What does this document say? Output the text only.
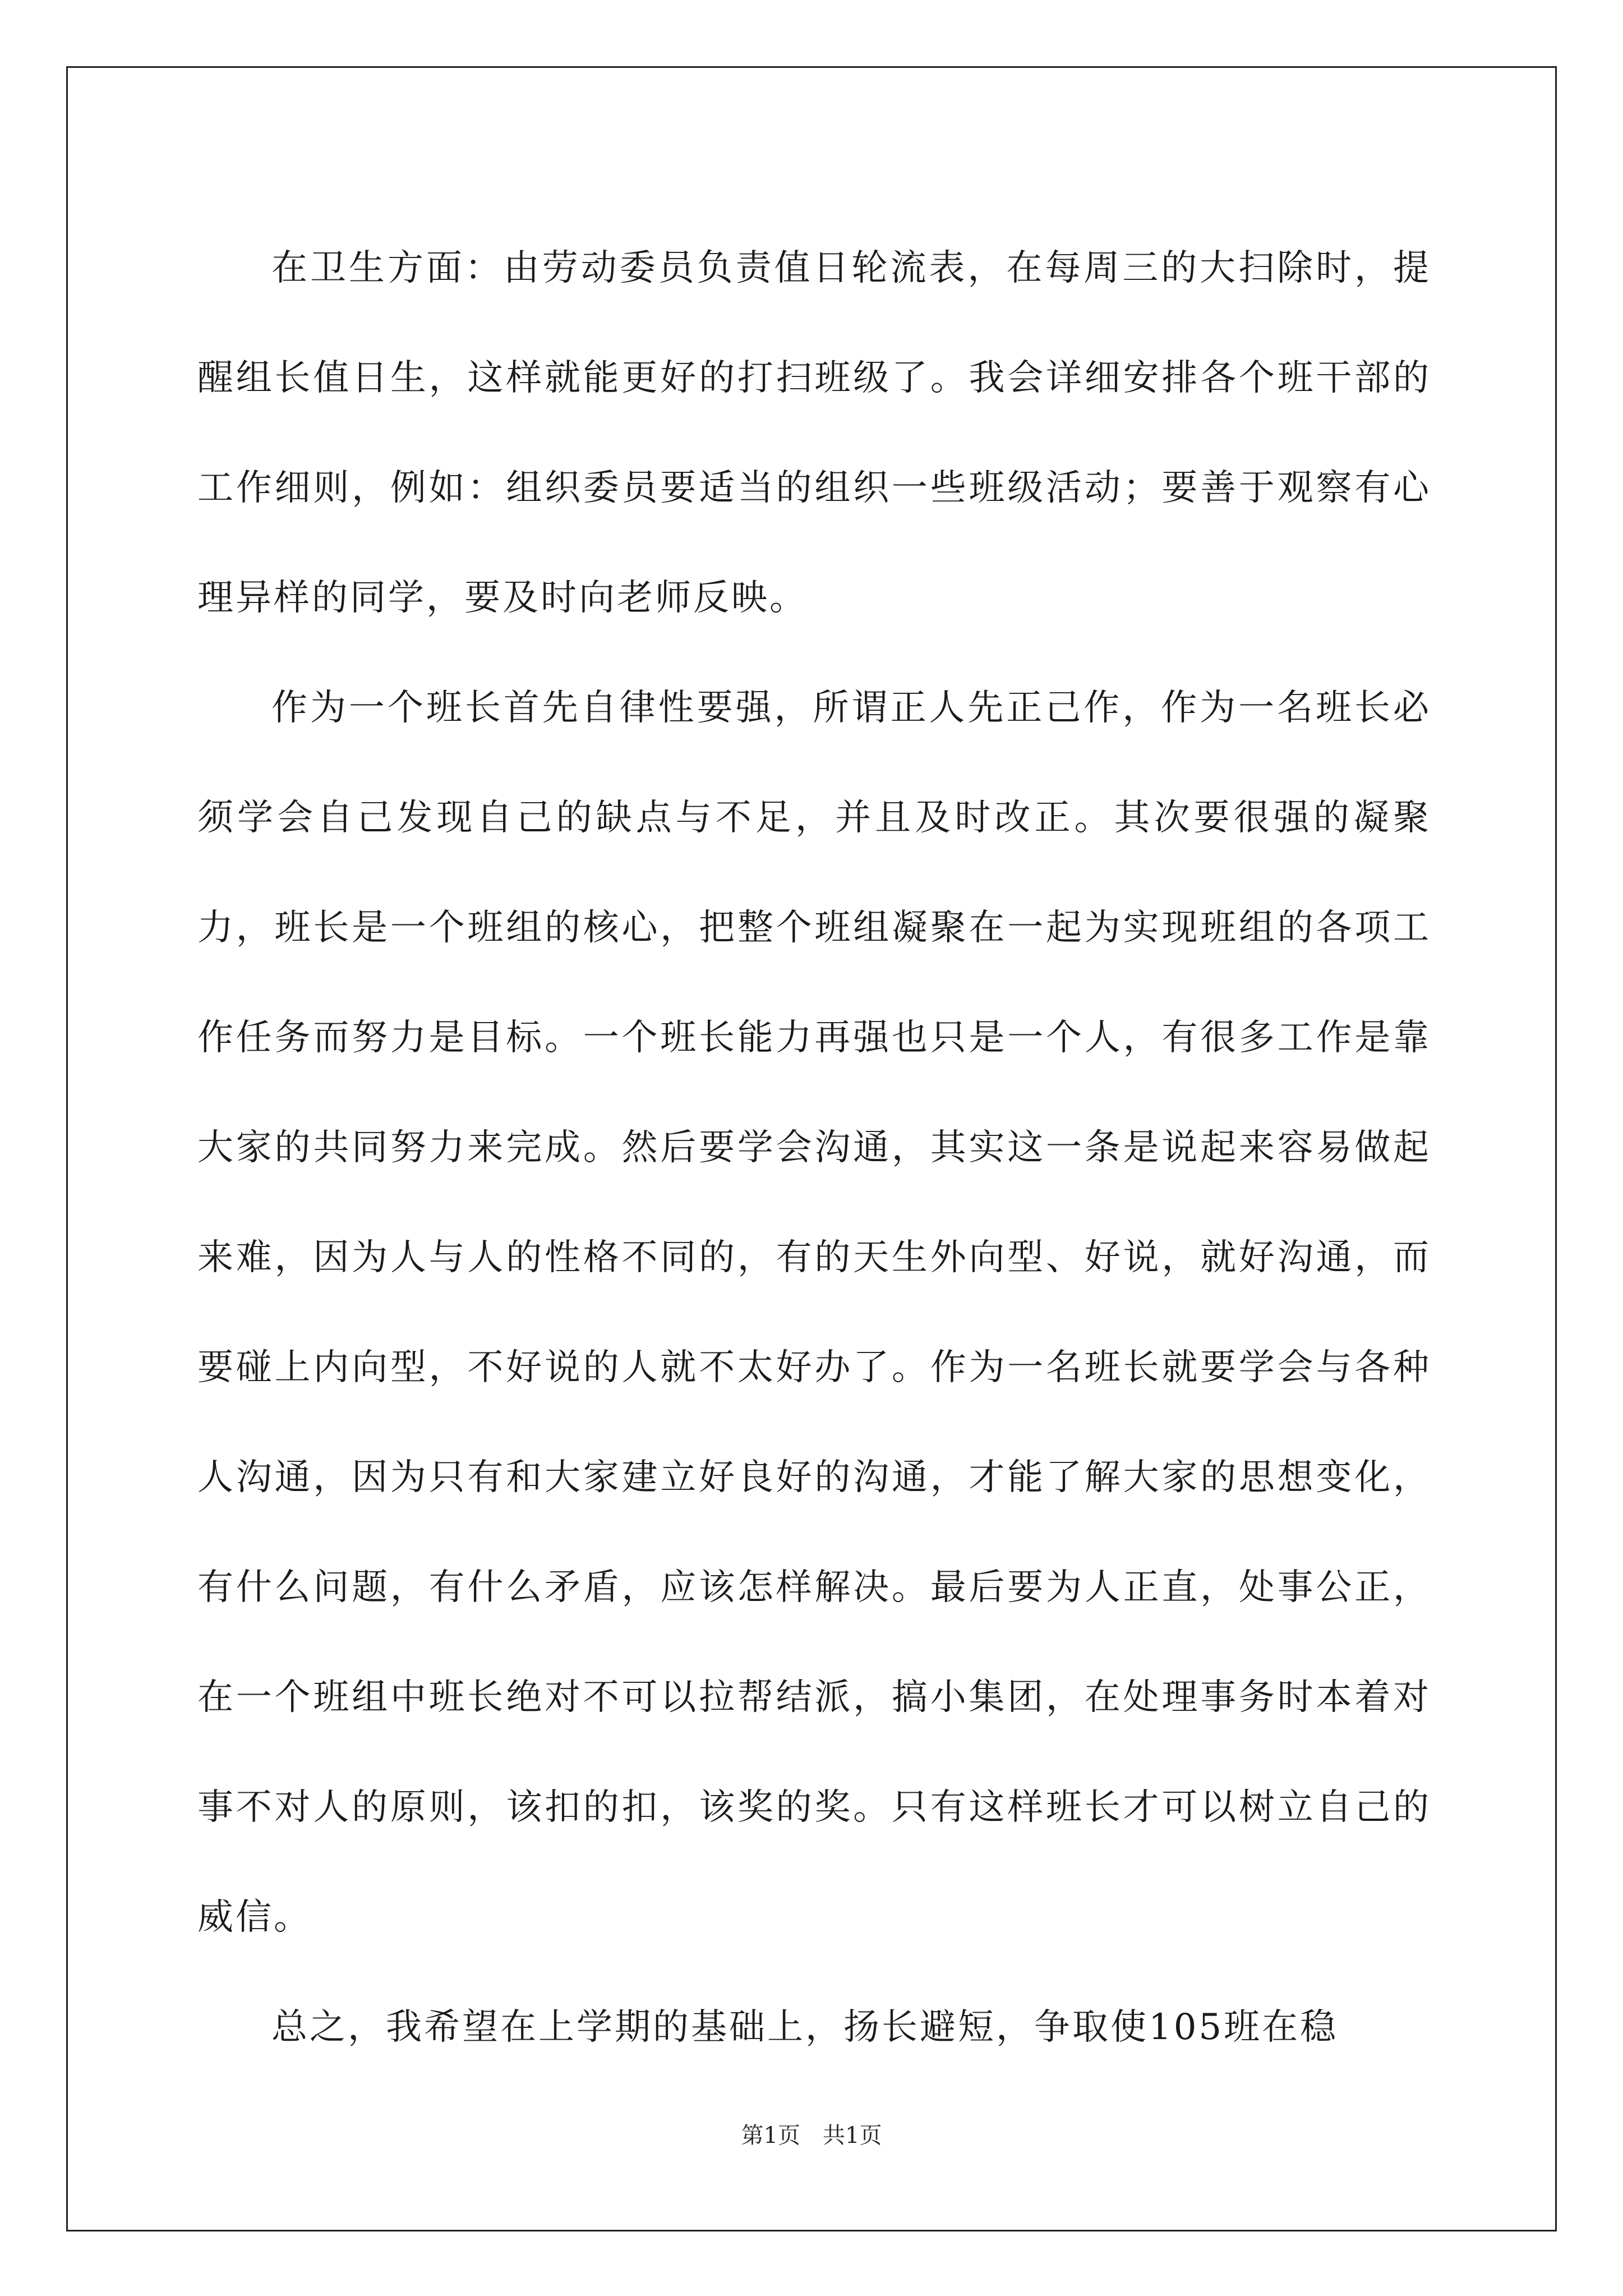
在卫生方面：由劳动委员负责值日轮流表，在每周三的大扫除时，提醒组长值日生，这样就能更好的打扫班级了。我会详细安排各个班干部的工作细则，例如：组织委员要适当的组织一些班级活动；要善于观察有心理异样的同学，要及时向老师反映。

作为一个班长首先自律性要强，所谓正人先正己作，作为一名班长必须学会自己发现自己的缺点与不足，并且及时改正。其次要很强的凝聚力，班长是一个班组的核心，把整个班组凝聚在一起为实现班组的各项工作任务而努力是目标。一个班长能力再强也只是一个人，有很多工作是靠大家的共同努力来完成。然后要学会沟通，其实这一条是说起来容易做起来难，因为人与人的性格不同的，有的天生外向型、好说，就好沟通，而要碰上内向型，不好说的人就不太好办了。作为一名班长就要学会与各种人沟通，因为只有和大家建立好良好的沟通，才能了解大家的思想变化，有什么问题，有什么矛盾，应该怎样解决。最后要为人正直，处事公正，在一个班组中班长绝对不可以拉帮结派，搞小集团，在处理事务时本着对事不对人的原则，该扣的扣，该奖的奖。只有这样班长才可以树立自己的威信。

总之，我希望在上学期的基础上，扬长避短，争取使105班在稳

第1页　共1页
